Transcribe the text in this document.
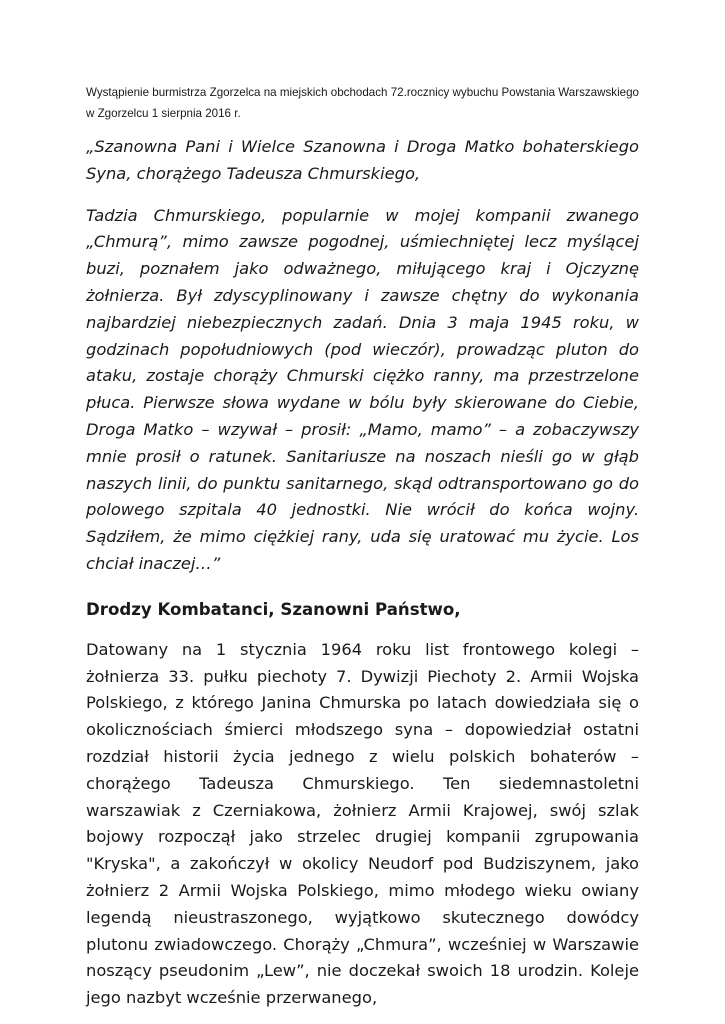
Wystąpienie burmistrza Zgorzelca na miejskich obchodach 72.rocznicy wybuchu Powstania Warszawskiego w Zgorzelcu 1 sierpnia 2016 r.

„Szanowna Pani i Wielce Szanowna i Droga Matko bohaterskiego Syna, chorążego Tadeusza Chmurskiego,

Tadzia Chmurskiego, popularnie w mojej kompanii zwanego „Chmurą”, mimo zawsze pogodnej, uśmiechniętej lecz myślącej buzi, poznałem jako odważnego, miłującego kraj i Ojczyznę żołnierza. Był zdyscyplinowany i zawsze chętny do wykonania najbardziej niebezpiecznych zadań. Dnia 3 maja 1945 roku, w godzinach popołudniowych (pod wieczór), prowadząc pluton do ataku, zostaje chorąży Chmurski ciężko ranny, ma przestrzelone płuca. Pierwsze słowa wydane w bólu były skierowane do Ciebie, Droga Matko – wzywał – prosił: „Mamo, mamo” – a zobaczywszy mnie prosił o ratunek. Sanitariusze na noszach nieśli go w głąb naszych linii, do punktu sanitarnego, skąd odtransportowano go do polowego szpitala 40 jednostki. Nie wrócił do końca wojny. Sądziłem, że mimo ciężkiej rany, uda się uratować mu życie. Los chciał inaczej…”

Drodzy Kombatanci, Szanowni Państwo,

Datowany na 1 stycznia 1964 roku list frontowego kolegi – żołnierza 33. pułku piechoty 7. Dywizji Piechoty 2. Armii Wojska Polskiego, z którego Janina Chmurska po latach dowiedziała się o okolicznościach śmierci młodszego syna – dopowiedział ostatni rozdział historii życia jednego z wielu polskich bohaterów – chorążego Tadeusza Chmurskiego. Ten siedemnastoletni warszawiak z Czerniakowa, żołnierz Armii Krajowej, swój szlak bojowy rozpoczął jako strzelec drugiej kompanii zgrupowania "Kryska", a zakończył w okolicy Neudorf pod Budziszynem, jako żołnierz 2 Armii Wojska Polskiego, mimo młodego wieku owiany legendą nieustraszonego, wyjątkowo skutecznego dowódcy plutonu zwiadowczego. Chorąży „Chmura”, wcześniej w Warszawie noszący pseudonim „Lew”, nie doczekał swoich 18 urodzin. Koleje jego nazbyt wcześnie przerwanego,
